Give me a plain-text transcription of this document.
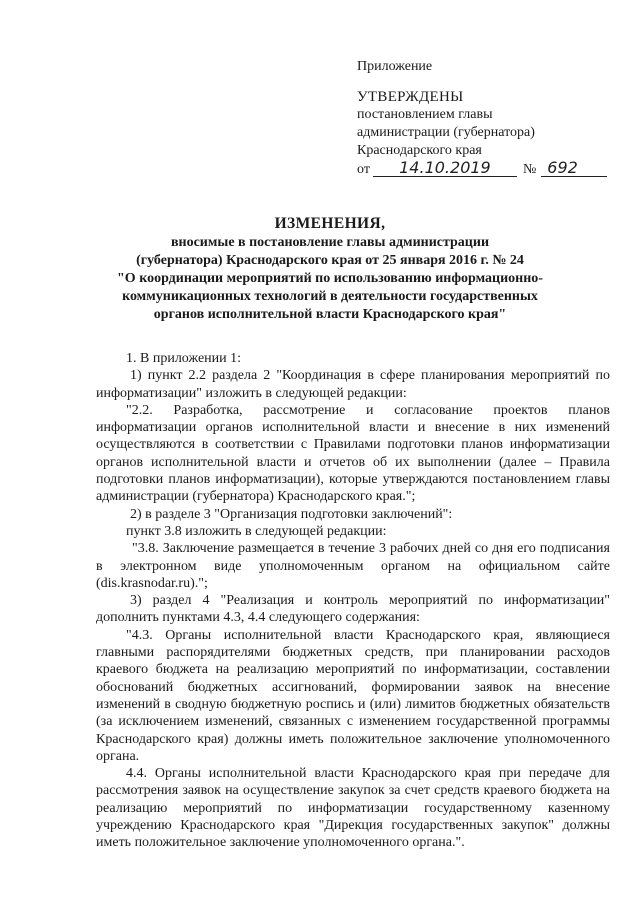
Приложение
УТВЕРЖДЕНЫ
постановлением главы
администрации (губернатора)
Краснодарского края
от	14.10.2019	№ 692
ИЗМЕНЕНИЯ,
вносимые в постановление главы администрации
(губернатора) Краснодарского края от 25 января 2016 г. № 24
"О координации мероприятий по использованию информационно-
коммуникационных технологий в деятельности государственных
органов исполнительной власти Краснодарского края"

1. В приложении 1:

1) пункт 2.2 раздела 2 "Координация в сфере планирования мероприятий по информатизации" изложить в следующей редакции:

"2.2. Разработка, рассмотрение и согласование проектов планов информатизации органов исполнительной власти и внесение в них изменений осуществляются в соответствии с Правилами подготовки планов информатизации органов исполнительной власти и отчетов об их выполнении (далее – Правила подготовки планов информатизации), которые утверждаются постановлением главы администрации (губернатора) Краснодарского края.";

2) в разделе 3 "Организация подготовки заключений":

пункт 3.8 изложить в следующей редакции:

"3.8. Заключение размещается в течение 3 рабочих дней со дня его подписания в электронном виде уполномоченным органом на официальном сайте (dis.krasnodar.ru).";

3) раздел 4 "Реализация и контроль мероприятий по информатизации" дополнить пунктами 4.3, 4.4 следующего содержания:

"4.3. Органы исполнительной власти Краснодарского края, являющиеся главными распорядителями бюджетных средств, при планировании расходов краевого бюджета на реализацию мероприятий по информатизации, составлении обоснований бюджетных ассигнований, формировании заявок на внесение изменений в сводную бюджетную роспись и (или) лимитов бюджетных обязательств (за исключением изменений, связанных с изменением государственной программы Краснодарского края) должны иметь положительное заключение уполномоченного органа.

4.4. Органы исполнительной власти Краснодарского края при передаче для рассмотрения заявок на осуществление закупок за счет средств краевого бюджета на реализацию мероприятий по информатизации государственному казенному учреждению Краснодарского края "Дирекция государственных закупок" должны иметь положительное заключение уполномоченного органа.".
